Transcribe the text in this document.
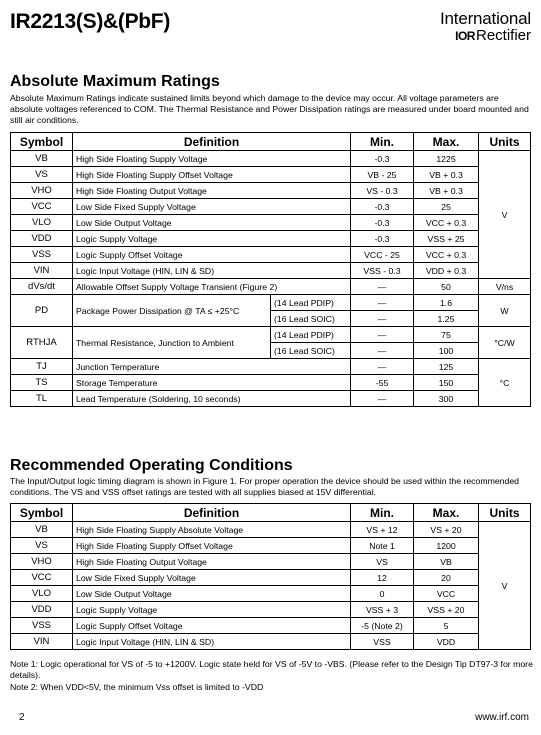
IR2213(S)&(PbF)	International
IORRectifier
Absolute Maximum Ratings
Absolute Maximum Ratings indicate sustained limits beyond which damage to the device may occur. All voltage parameters are absolute voltages referenced to COM. The Thermal Resistance and Power Dissipation ratings are measured under board mounted and still air conditions.
Symbol	Definition		Min.	Max.	Units
VB	High Side Floating Supply Voltage		-0.3	1225	V
VS	High Side Floating Supply Offset Voltage		VB - 25	VB + 0.3	
VHO	High Side Floating Output Voltage		VS - 0.3	VB + 0.3	
VCC	Low Side Fixed Supply Voltage		-0.3	25	
VLO	Low Side Output Voltage		-0.3	VCC + 0.3	
VDD	Logic Supply Voltage		-0.3	VSS + 25	
VSS	Logic Supply Offset Voltage		VCC - 25	VCC + 0.3	
VIN	Logic Input Voltage (HIN, LIN & SD)		VSS - 0.3	VDD + 0.3	
dVs/dt	Allowable Offset Supply Voltage Transient (Figure 2)		—	50	V/ns
PD	Package Power Dissipation @ TA ≤ +25°C	(14 Lead PDIP)	—	1.6	W
		(16 Lead SOIC)	—	1.25	
RTHJA	Thermal Resistance, Junction to Ambient	(14 Lead PDIP)	—	75	°C/W
		(16 Lead SOIC)	—	100	
TJ	Junction Temperature		—	125	°C
TS	Storage Temperature		-55	150	
TL	Lead Temperature (Soldering, 10 seconds)		—	300	
Recommended Operating Conditions
The Input/Output logic timing diagram is shown in Figure 1. For proper operation the device should be used within the recommended conditions. The VS and VSS offset ratings are tested with all supplies biased at 15V differential.
Symbol	Definition	Min.	Max.	Units
VB	High Side Floating Supply Absolute Voltage	VS + 12	VS + 20	V
VS	High Side Floating Supply Offset Voltage	Note 1	1200	
VHO	High Side Floating Output Voltage	VS	VB	
VCC	Low Side Fixed Supply Voltage	12	20	
VLO	Low Side Output Voltage	0	VCC	
VDD	Logic Supply Voltage	VSS + 3	VSS + 20	
VSS	Logic Supply Offset Voltage	-5 (Note 2)	5	
VIN	Logic Input Voltage (HIN, LIN & SD)	VSS	VDD	
Note 1: Logic operational for VS of -5 to +1200V. Logic state held for VS of -5V to -VBS. (Please refer to the Design Tip DT97-3 for more details).
Note 2: When VDD<5V, the minimum Vss offset is limited to -VDD
2	www.irf.com
